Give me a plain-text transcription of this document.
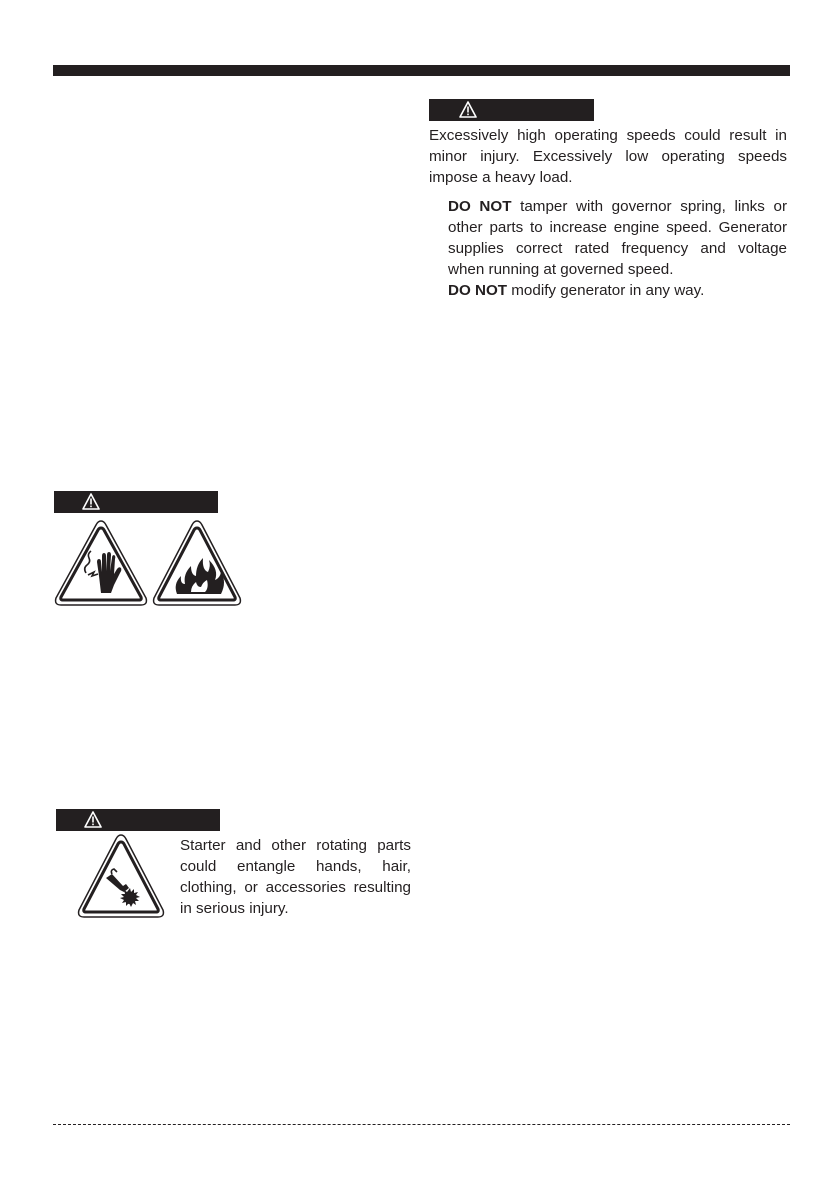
Excessively high operating speeds could result in minor injury. Excessively low operating speeds impose a heavy load.

DO NOT tamper with governor spring, links or other parts to increase engine speed. Generator supplies correct rated frequency and voltage when running at governed speed.

DO NOT modify generator in any way.

Starter and other rotating parts could entangle hands, hair, clothing, or accessories resulting in serious injury.
